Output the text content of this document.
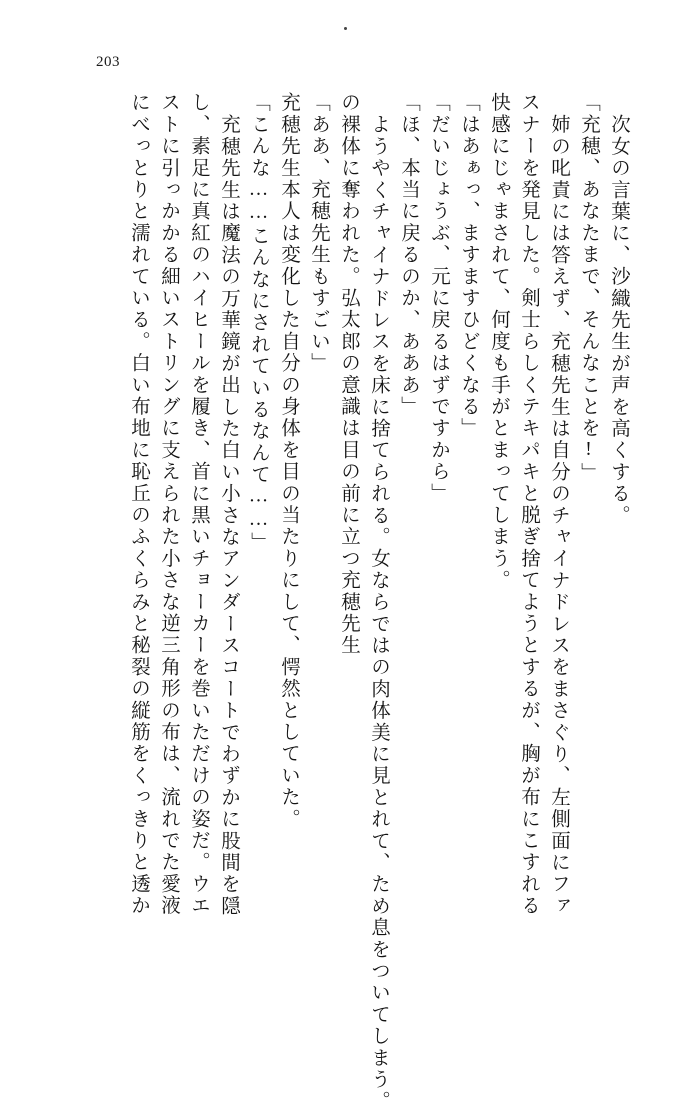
203
次女の言葉に、沙織先生が声を高くする。
「充穂、あなたまで、そんなことを!」
姉の叱責には答えず、充穂先生は自分のチャイナドレスをまさぐり、左側面にファ
スナーを発見した。剣士らしくテキパキと脱ぎ捨てようとするが、胸が布にこすれる
快感にじゃまされて、何度も手がとまってしまう。
「はあぁっ、ますますひどくなる」
「だいじょうぶ、元に戻るはずですから」
「ほ、本当に戻るのか、あああ」
ようやくチャイナドレスを床に捨てられる。女ならではの肉体美に見とれて、ため息をついてしまう。
の裸体に奪われた。弘太郎の意識は目の前に立つ充穂先生
「ああ、充穂先生もすごい」
充穂先生本人は変化した自分の身体を目の当たりにして、愕然としていた。
「こんな……こんなにされているなんて……」
充穂先生は魔法の万華鏡が出した白い小さなアンダースコートでわずかに股間を隠
し、素足に真紅のハイヒールを履き、首に黒いチョーカーを巻いただけの姿だ。ウエ
ストに引っかかる細いストリングに支えられた小さな逆三角形の布は、流れでた愛液
にべっとりと濡れている。白い布地に恥丘のふくらみと秘裂の縦筋をくっきりと透か
